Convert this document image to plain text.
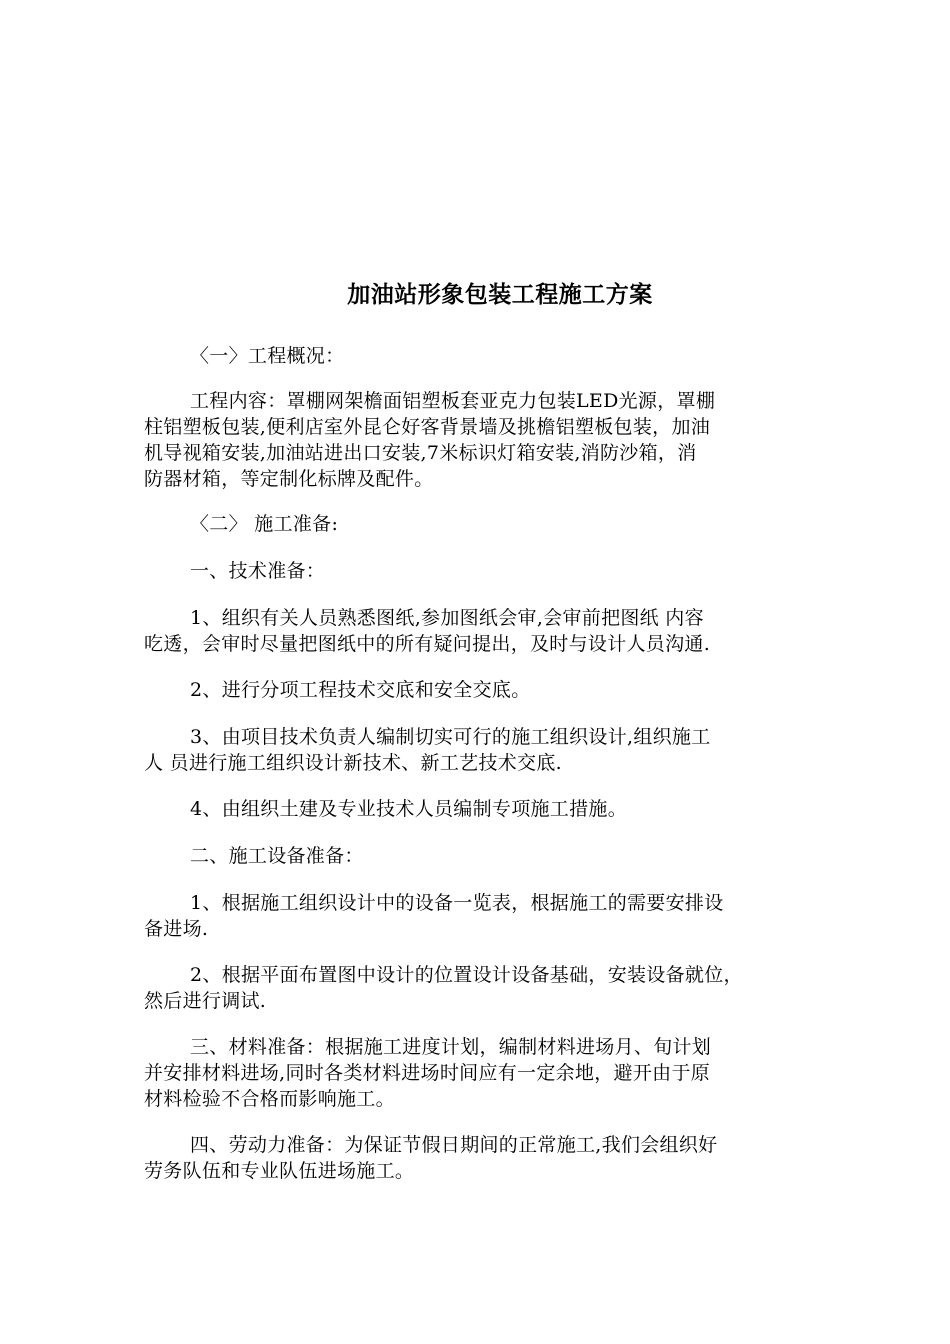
加油站形象包装工程施工方案
〈一〉工程概况：
工程内容：罩棚网架檐面铝塑板套亚克力包装LED光源，罩棚
柱铝塑板包装,便利店室外昆仑好客背景墙及挑檐铝塑板包装，加油
机导视箱安装,加油站进出口安装,7米标识灯箱安装,消防沙箱，消
防器材箱，等定制化标牌及配件。
〈二〉 施工准备:
一、技术准备：
1、组织有关人员熟悉图纸,参加图纸会审,会审前把图纸 内容
吃透，会审时尽量把图纸中的所有疑问提出，及时与设计人员沟通.
2、进行分项工程技术交底和安全交底。
3、由项目技术负责人编制切实可行的施工组织设计,组织施工
人 员进行施工组织设计新技术、新工艺技术交底.
4、由组织土建及专业技术人员编制专项施工措施。
二、施工设备准备：
1、根据施工组织设计中的设备一览表，根据施工的需要安排设
备进场.
2、根据平面布置图中设计的位置设计设备基础，安装设备就位，
然后进行调试.
三、材料准备：根据施工进度计划，编制材料进场月、旬计划
并安排材料进场,同时各类材料进场时间应有一定余地，避开由于原
材料检验不合格而影响施工。
四、劳动力准备：为保证节假日期间的正常施工,我们会组织好
劳务队伍和专业队伍进场施工。
